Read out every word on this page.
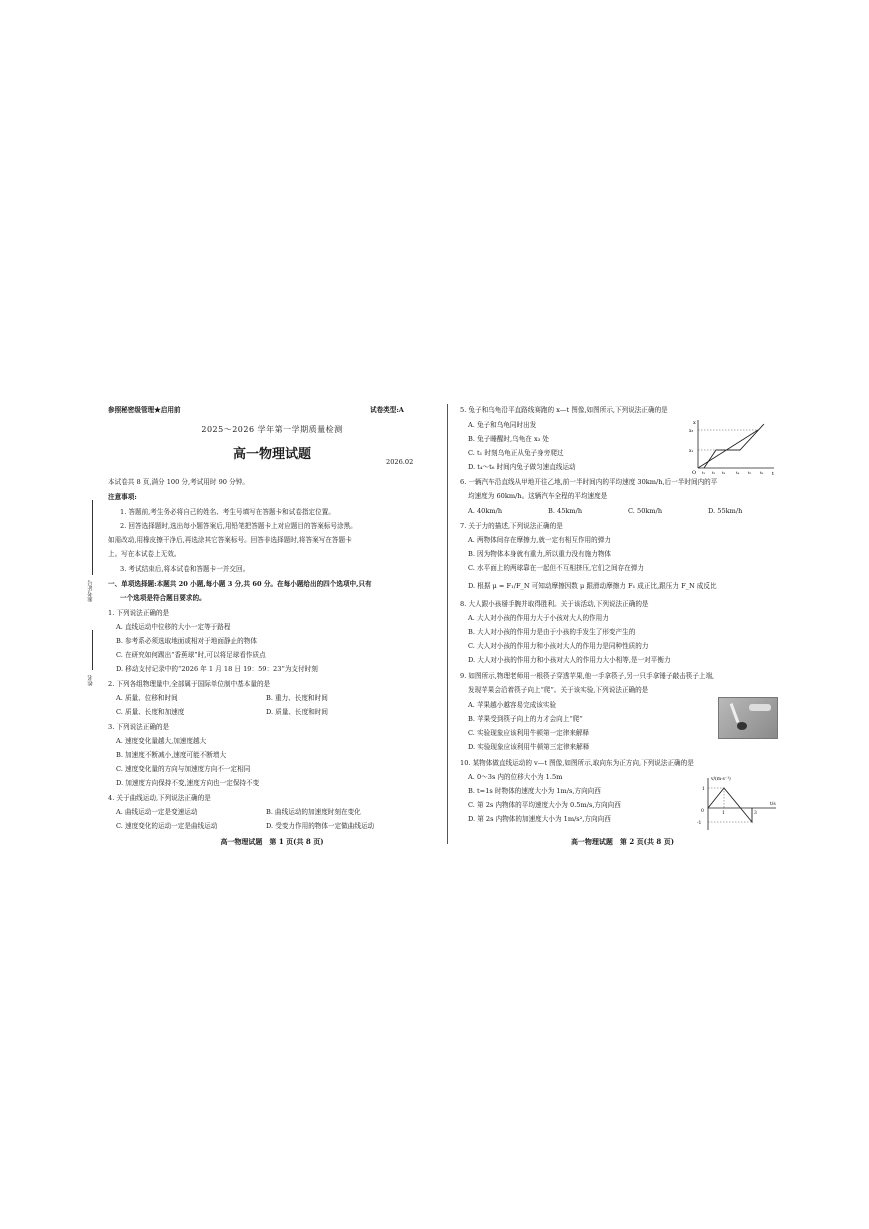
准考证号
姓名
参照秘密级管理★启用前	试卷类型:A
2025～2026 学年第一学期质量检测
高一物理试题	2026.02
本试卷共 8 页,满分 100 分,考试用时 90 分钟。
注意事项:
1. 答题前,考生务必将自己的姓名、考生号填写在答题卡和试卷指定位置。
2. 回答选择题时,选出每小题答案后,用铅笔把答题卡上对应题目的答案标号涂黑。
如需改动,用橡皮擦干净后,再选涂其它答案标号。回答非选择题时,将答案写在答题卡
上。写在本试卷上无效。
3. 考试结束后,将本试卷和答题卡一并交回。
一、单项选择题:本题共 20 小题,每小题 3 分,共 60 分。在每小题给出的四个选项中,只有
一个选项是符合题目要求的。
1. 下列说法正确的是
A. 直线运动中位移的大小一定等于路程
B. 参考系必须选取地面或相对于地面静止的物体
C. 在研究如何踢出“香蕉球”时,可以将足球看作质点
D. 移动支付记录中的“2026 年 1 月 18 日 19：59：23”为支付时刻
2. 下列各组物理量中,全部属于国际单位制中基本量的是
A. 质量、位移和时间	B. 重力、长度和时间
C. 质量、长度和加速度	D. 质量、长度和时间
3. 下列说法正确的是
A. 速度变化量越大,加速度越大
B. 加速度不断减小,速度可能不断增大
C. 速度变化量的方向与加速度方向不一定相同
D. 加速度方向保持不变,速度方向也一定保持不变
4. 关于曲线运动,下列说法正确的是
A. 曲线运动一定是变速运动	B. 曲线运动的加速度时刻在变化
C. 速度变化的运动一定是曲线运动	D. 受变力作用的物体一定做曲线运动
高一物理试题　第 1 页(共 8 页)
5. 兔子和乌龟沿平直路线赛跑的 x—t 图像,如图所示,下列说法正确的是
A. 兔子和乌龟同时出发
B. 兔子睡醒时,乌龟在 x₃ 处
C. t₁ 时刻乌龟正从兔子身旁爬过
D. t₄～t₆ 时间内兔子做匀速直线运动
x
t
O
x₃
x₁
t₁ t₂ t₃	t₄ t₅ t₆
6. 一辆汽车沿直线从甲地开往乙地,前一半时间内的平均速度 30km/h,后一半时间内的平
均速度为 60km/h。这辆汽车全程的平均速度是
A. 40km/h	B. 45km/h	C. 50km/h	D. 55km/h
7. 关于力的描述,下列说法正确的是
A. 两物体间存在摩擦力,就一定有相互作用的弹力
B. 因为物体本身就有重力,所以重力没有施力物体
C. 水平面上的两球靠在一起但不互相挤压,它们之间存在弹力
D. 根据 μ = F₁/F_N 可知动摩擦因数 μ 跟滑动摩擦力 F₁ 成正比,跟压力 F_N 成反比
8. 大人跟小孩掰手腕并取得胜利。关于该活动,下列说法正确的是
A. 大人对小孩的作用力大于小孩对大人的作用力
B. 大人对小孩的作用力是由于小孩的手发生了形变产生的
C. 大人对小孩的作用力和小孩对大人的作用力是同种性质的力
D. 大人对小孩的作用力和小孩对大人的作用力大小相等,是一对平衡力
9. 如图所示,物理老师用一根筷子穿透苹果,他一手拿筷子,另一只手拿锤子敲击筷子上端,
发现苹果会沿着筷子向上“爬”。关于该实验,下列说法正确的是
A. 苹果越小越容易完成该实验
B. 苹果受到筷子向上的力才会向上“爬”
C. 实验现象应该利用牛顿第一定律来解释
D. 实验现象应该利用牛顿第三定律来解释
10. 某物体做直线运动的 v—t 图像,如图所示,取向东为正方向,下列说法正确的是
A. 0～3s 内的位移大小为 1.5m
B. t=1s 时物体的速度大小为 1m/s,方向向西
C. 第 2s 内物体的平均速度大小为 0.5m/s,方向向西
D. 第 2s 内物体的加速度大小为 1m/s²,方向向西
v/(m·s⁻¹)
t/s
0
1
1	3
-1
高一物理试题　第 2 页(共 8 页)
